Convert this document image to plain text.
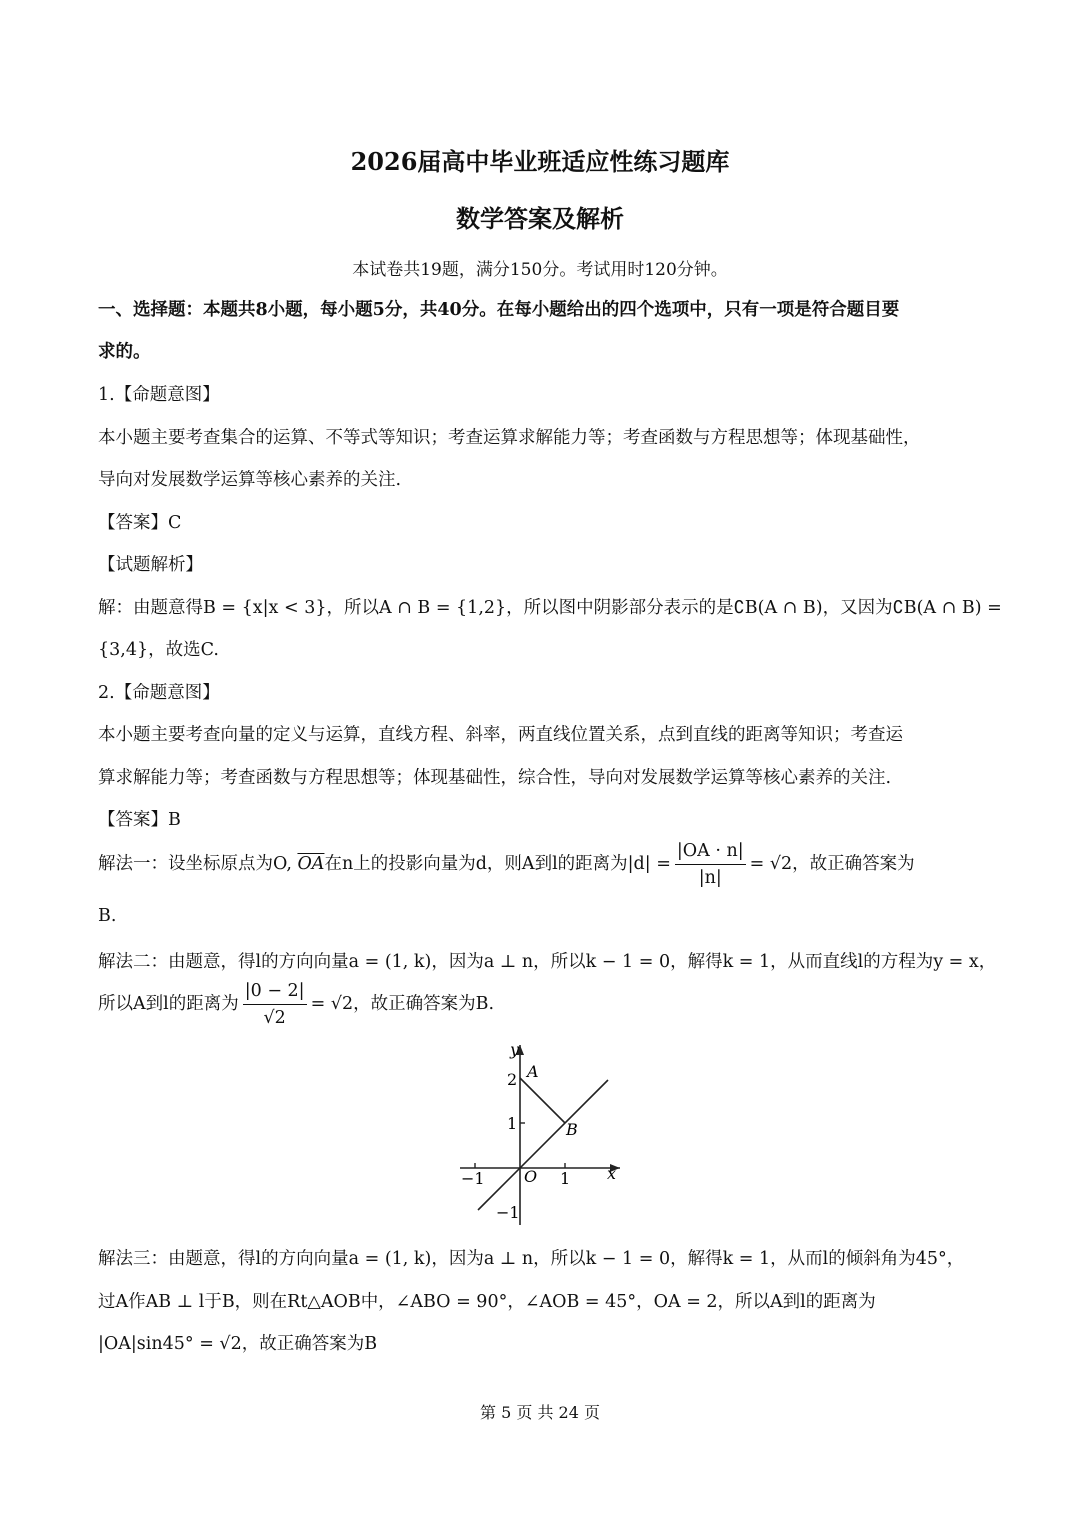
2026届高中毕业班适应性练习题库
数学答案及解析
本试卷共19题，满分150分。考试用时120分钟。
一、选择题：本题共8小题，每小题5分，共40分。在每小题给出的四个选项中，只有一项是符合题目要
求的。
1.【命题意图】
本小题主要考查集合的运算、不等式等知识；考查运算求解能力等；考查函数与方程思想等；体现基础性，
导向对发展数学运算等核心素养的关注.
【答案】C
【试题解析】
解：由题意得B = {x|x < 3}，所以A ∩ B = {1,2}，所以图中阴影部分表示的是∁B(A ∩ B)，又因为∁B(A ∩ B) =
{3,4}，故选C.
2.【命题意图】
本小题主要考查向量的定义与运算，直线方程、斜率，两直线位置关系，点到直线的距离等知识；考查运
算求解能力等；考查函数与方程思想等；体现基础性，综合性，导向对发展数学运算等核心素养的关注.
【答案】B
解法一：设坐标原点为O, $\overline{OA}$在n上的投影向量为d，则A到l的距离为$|d| = \frac{|OA \cdot n|}{|n|} = √2$，故正确答案为
B.
解法二：由题意，得l的方向向量a = (1, k)，因为a ⊥ n，所以k − 1 = 0，解得k = 1，从而直线l的方程为y = x，
所以A到l的距离为 $\frac{|0 - 2|}{√2} = √2$，故正确答案为B.
y
x
O
A
B
2
1
−1
−1	1
解法三：由题意，得l的方向向量a = (1, k)，因为a ⊥ n，所以k − 1 = 0，解得k = 1，从而l的倾斜角为45°，
过A作AB ⊥ l于B，则在Rt△AOB中，∠ABO = 90°，∠AOB = 45°，OA = 2，所以A到l的距离为
|OA|sin45° = √2，故正确答案为B
第 5 页 共 24 页
